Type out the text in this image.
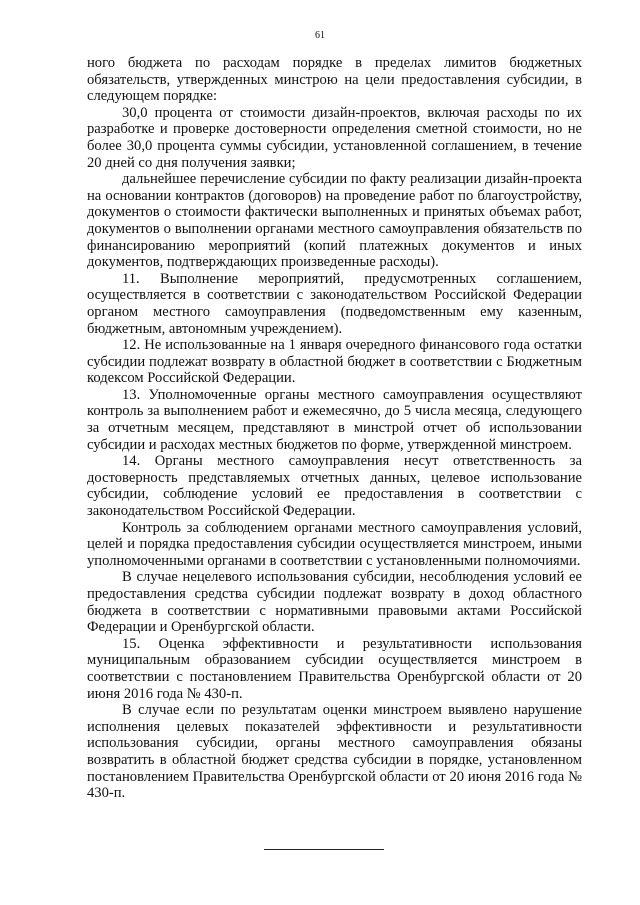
61

ного бюджета по расходам порядке в пределах лимитов бюджетных обязательств, утвержденных минстрою на цели предоставления субсидии, в следующем порядке:

30,0 процента от стоимости дизайн-проектов, включая расходы по их разработке и проверке достоверности определения сметной стоимости, но не более 30,0 процента суммы субсидии, установленной соглашением, в течение 20 дней со дня получения заявки;

дальнейшее перечисление субсидии по факту реализации дизайн-проекта на основании контрактов (договоров) на проведение работ по благоустройству, документов о стоимости фактически выполненных и принятых объемах работ, документов о выполнении органами местного самоуправления обязательств по финансированию мероприятий (копий платежных документов и иных документов, подтверждающих произведенные расходы).

11. Выполнение мероприятий, предусмотренных соглашением, осуществляется в соответствии с законодательством Российской Федерации органом местного самоуправления (подведомственным ему казенным, бюджетным, автономным учреждением).

12. Не использованные на 1 января очередного финансового года остатки субсидии подлежат возврату в областной бюджет в соответствии с Бюджетным кодексом Российской Федерации.

13. Уполномоченные органы местного самоуправления осуществляют контроль за выполнением работ и ежемесячно, до 5 числа месяца, следующего за отчетным месяцем, представляют в минстрой отчет об использовании субсидии и расходах местных бюджетов по форме, утвержденной минстроем.

14. Органы местного самоуправления несут ответственность за достоверность представляемых отчетных данных, целевое использование субсидии, соблюдение условий ее предоставления в соответствии с законодательством Российской Федерации.

Контроль за соблюдением органами местного самоуправления условий, целей и порядка предоставления субсидии осуществляется минстроем, иными уполномоченными органами в соответствии с установленными полномочиями.

В случае нецелевого использования субсидии, несоблюдения условий ее предоставления средства субсидии подлежат возврату в доход областного бюджета в соответствии с нормативными правовыми актами Российской Федерации и Оренбургской области.

15. Оценка эффективности и результативности использования муниципальным образованием субсидии осуществляется минстроем в соответствии с постановлением Правительства Оренбургской области от 20 июня 2016 года № 430-п.

В случае если по результатам оценки минстроем выявлено нарушение исполнения целевых показателей эффективности и результативности использования субсидии, органы местного самоуправления обязаны возвратить в областной бюджет средства субсидии в порядке, установленном постановлением Правительства Оренбургской области от 20 июня 2016 года № 430-п.
